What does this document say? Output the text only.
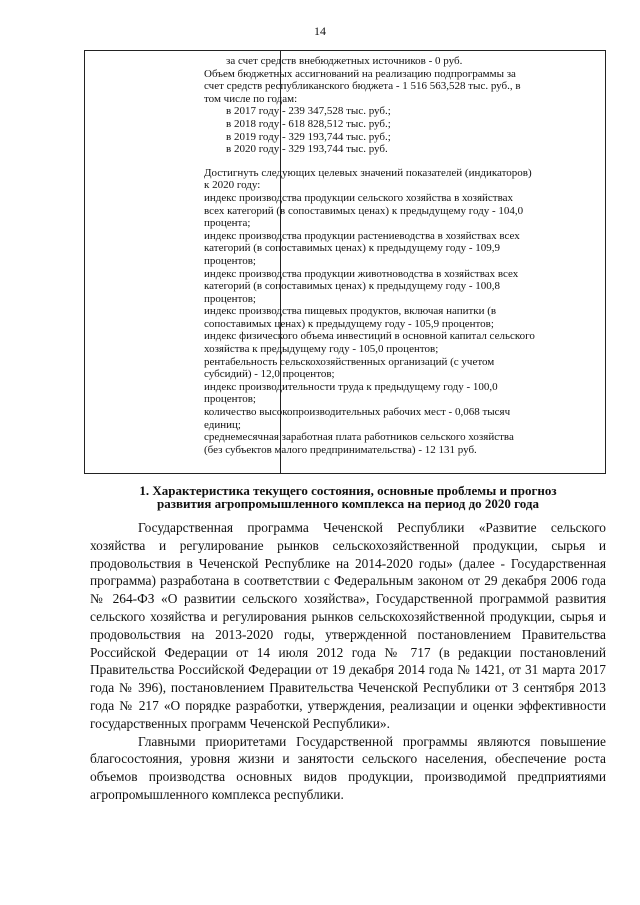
14
за счет средств внебюджетных источников - 0 руб.
Объем бюджетных ассигнований на реализацию подпрограммы за
счет средств республиканского бюджета - 1 516 563,528 тыс. руб., в
том числе по годам:
в 2017 году - 239 347,528 тыс. руб.;
в 2018 году - 618 828,512 тыс. руб.;
в 2019 году - 329 193,744 тыс. руб.;
в 2020 году - 329 193,744 тыс. руб.
Достигнуть следующих целевых значений показателей (индикаторов)
к 2020 году:
индекс производства продукции сельского хозяйства в хозяйствах
всех категорий (в сопоставимых ценах) к предыдущему году - 104,0
процента;
индекс производства продукции растениеводства в хозяйствах всех
категорий (в сопоставимых ценах) к предыдущему году - 109,9
процентов;
индекс производства продукции животноводства в хозяйствах всех
категорий (в сопоставимых ценах) к предыдущему году - 100,8
процентов;
индекс производства пищевых продуктов, включая напитки (в
сопоставимых ценах) к предыдущему году - 105,9 процентов;
индекс физического объема инвестиций в основной капитал сельского
хозяйства к предыдущему году - 105,0 процентов;
рентабельность сельскохозяйственных организаций (с учетом
субсидий) - 12,0 процентов;
индекс производительности труда к предыдущему году - 100,0
процентов;
количество высокопроизводительных рабочих мест - 0,068 тысяч
единиц;
среднемесячная заработная плата работников сельского хозяйства
(без субъектов малого предпринимательства) - 12 131 руб.
1. Характеристика текущего состояния, основные проблемы и прогноз
развития агропромышленного комплекса на период до 2020 года

Государственная программа Чеченской Республики «Развитие сельского хозяйства и регулирование рынков сельскохозяйственной продукции, сырья и продовольствия в Чеченской Республике на 2014-2020 годы» (далее - Государственная программа) разработана в соответствии с Федеральным законом от 29 декабря 2006 года № 264-ФЗ «О развитии сельского хозяйства», Государственной программой развития сельского хозяйства и регулирования рынков сельскохозяйственной продукции, сырья и продовольствия на 2013-2020 годы, утвержденной постановлением Правительства Российской Федерации от 14 июля 2012 года № 717 (в редакции постановлений Правительства Российской Федерации от 19 декабря 2014 года № 1421, от 31 марта 2017 года № 396), постановлением Правительства Чеченской Республики от 3 сентября 2013 года № 217 «О порядке разработки, утверждения, реализации и оценки эффективности государственных программ Чеченской Республики».

Главными приоритетами Государственной программы являются повышение благосостояния, уровня жизни и занятости сельского населения, обеспечение роста объемов производства основных видов продукции, производимой предприятиями агропромышленного комплекса республики.
